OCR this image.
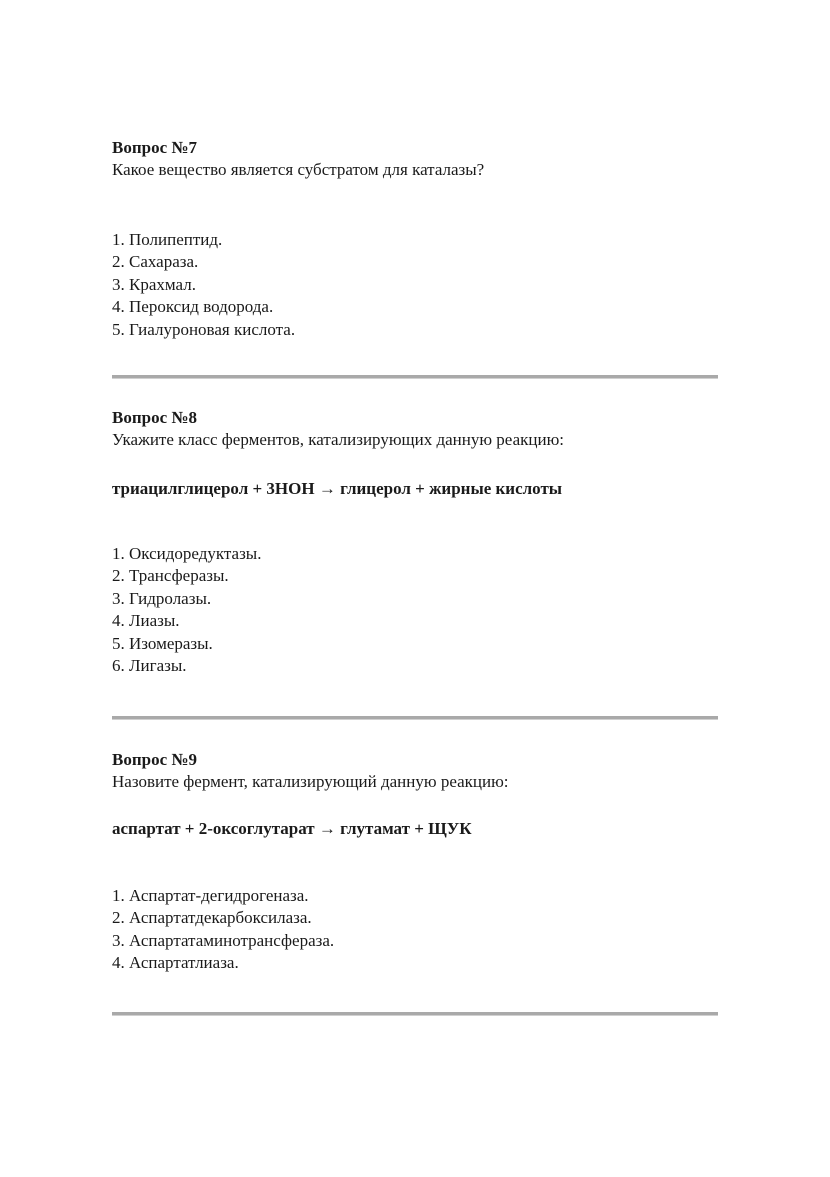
Вопрос №7

Какое вещество является субстратом для каталазы?

1. Полипептид.
2. Сахараза.
3. Крахмал.
4. Пероксид водорода.
5. Гиалуроновая кислота.

Вопрос №8

Укажите класс ферментов, катализирующих данную реакцию:

триацилглицерол + 3HOH → глицерол + жирные кислоты

1. Оксидоредуктазы.
2. Трансферазы.
3. Гидролазы.
4. Лиазы.
5. Изомеразы.
6. Лигазы.

Вопрос №9

Назовите фермент, катализирующий данную реакцию:

аспартат + 2-оксоглутарат → глутамат + ЩУК

1. Аспартат-дегидрогеназа.
2. Аспартатдекарбоксилаза.
3. Аспартатаминотрансфераза.
4. Аспартатлиаза.
